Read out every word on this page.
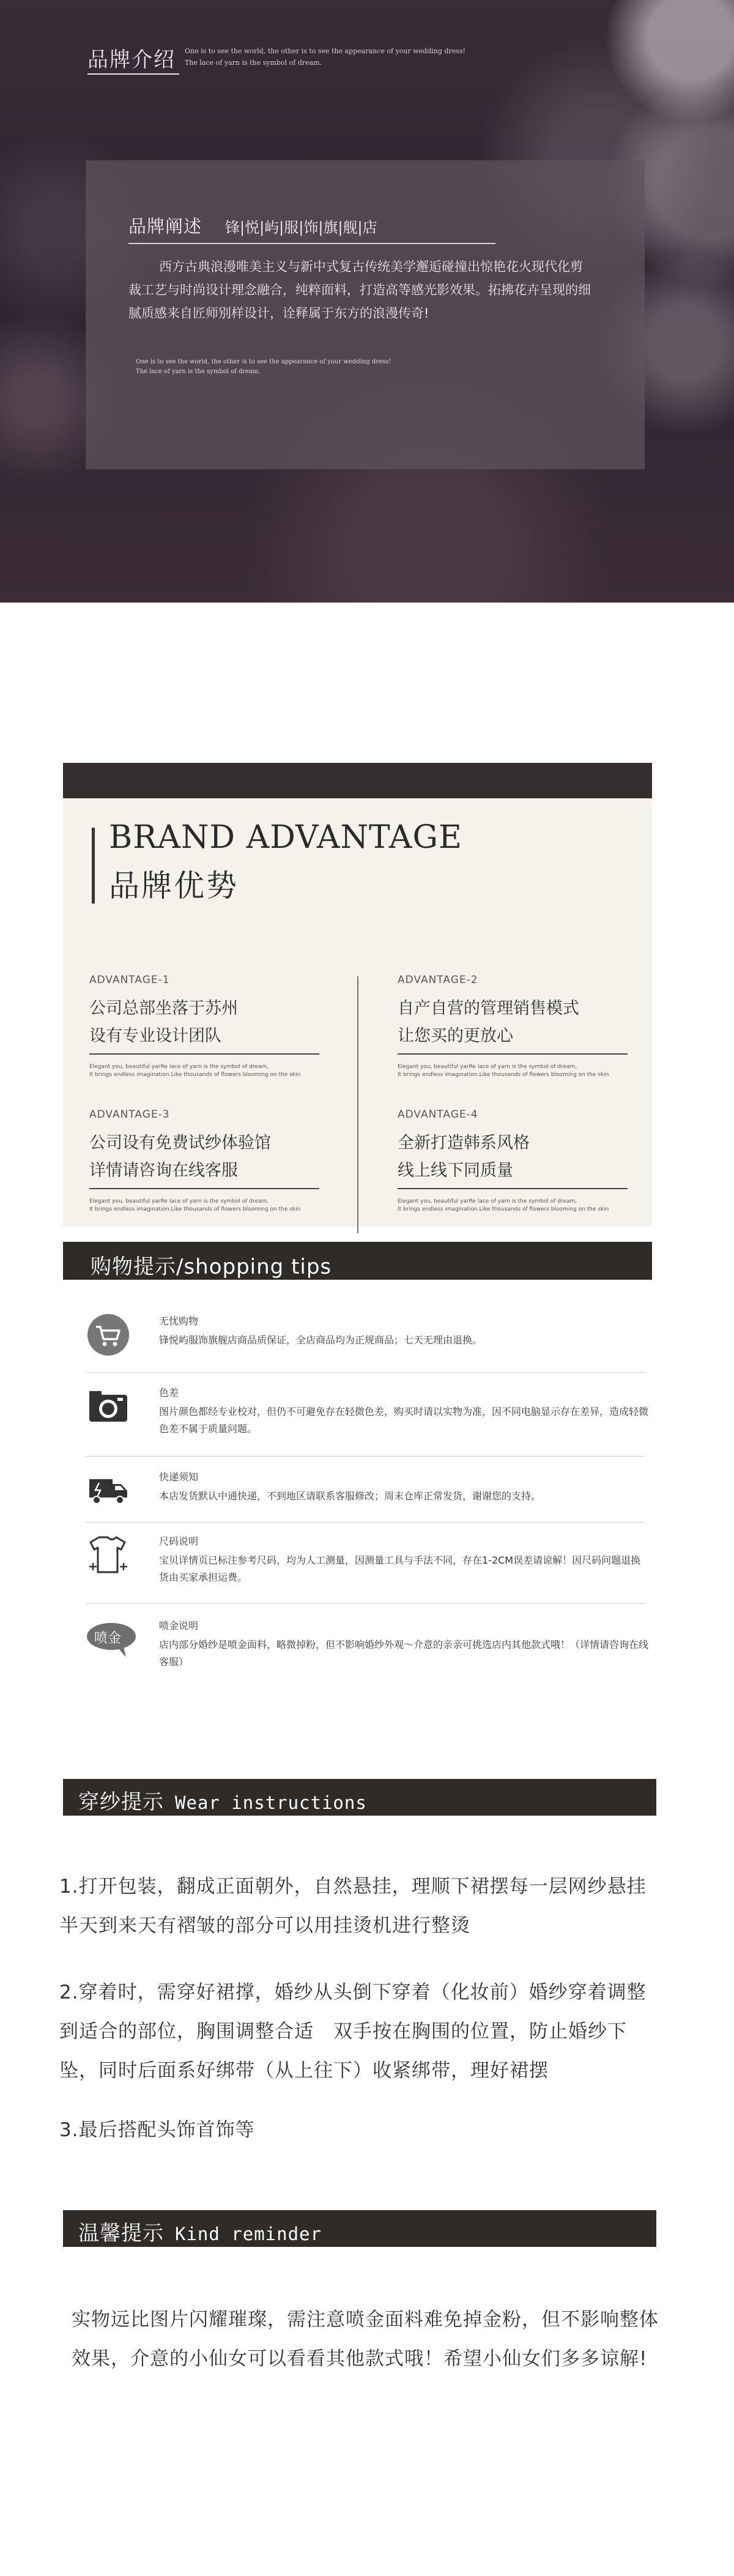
品牌介绍 One is to see the world, the other is to see the appearance of your wedding dress!
The lace of yarn is the symbol of dream.
品牌阐述 锋|悦|屿|服|饰|旗|舰|店
西方古典浪漫唯美主义与新中式复古传统美学邂逅碰撞出惊艳花火现代化剪裁工艺与时尚设计理念融合，纯粹面料，打造高等感光影效果。拓拂花卉呈现的细腻质感来自匠师别样设计，诠释属于东方的浪漫传奇!
One is to see the world, the other is to see the appearance of your wedding dress!
The lace of yarn is the symbol of dream.
BRAND ADVANTAGE
品牌优势
ADVANTAGE-1
公司总部坐落于苏州
设有专业设计团队
Elegant you, beautiful yarRe lace of yarn is the symbol of dream,
It brings endless imagination.Like thousands of flowers blooming on the skin
ADVANTAGE-2
自产自营的管理销售模式
让您买的更放心
Elegant you, beautiful yarRe lace of yarn is the symbol of dream,
It brings endless imagination.Like thousands of flowers blooming on the skin
ADVANTAGE-3
公司设有免费试纱体验馆
详情请咨询在线客服
Elegant you, beautiful yarRe lace of yarn is the symbol of dream,
It brings endless imagination.Like thousands of flowers blooming on the skin
ADVANTAGE-4
全新打造韩系风格
线上线下同质量
Elegant you, beautiful yarRe lace of yarn is the symbol of dream,
It brings endless imagination.Like thousands of flowers blooming on the skin
购物提示/shopping tips
无忧购物
锋悦屿服饰旗舰店商品质保证，全店商品均为正规商品；七天无理由退换。
色差
图片颜色都经专业校对，但仍不可避免存在轻微色差，购买时请以实物为准，因不同电脑显示存在差异，造成轻微色差不属于质量问题。
快递须知
本店发货默认中通快递，不到地区请联系客服修改；周末仓库正常发货，谢谢您的支持。
尺码说明
宝贝详情页已标注参考尺码，均为人工测量，因测量工具与手法不同，存在1-2CM误差请谅解！因尺码问题退换货由买家承担运费。
喷金
喷金说明
店内部分婚纱是喷金面料，略微掉粉，但不影响婚纱外观～介意的亲亲可挑选店内其他款式哦！（详情请咨询在线客服）
穿纱提示 Wear instructions
1.打开包装，翻成正面朝外，自然悬挂，理顺下裙摆每一层网纱悬挂半天到来天有褶皱的部分可以用挂烫机进行整烫
2.穿着时，需穿好裙撑，婚纱从头倒下穿着（化妆前）婚纱穿着调整到适合的部位，胸围调整合适　双手按在胸围的位置，防止婚纱下坠，同时后面系好绑带（从上往下）收紧绑带，理好裙摆
3.最后搭配头饰首饰等
温馨提示 Kind reminder
实物远比图片闪耀璀璨，需注意喷金面料难免掉金粉，但不影响整体效果，介意的小仙女可以看看其他款式哦！希望小仙女们多多谅解!
